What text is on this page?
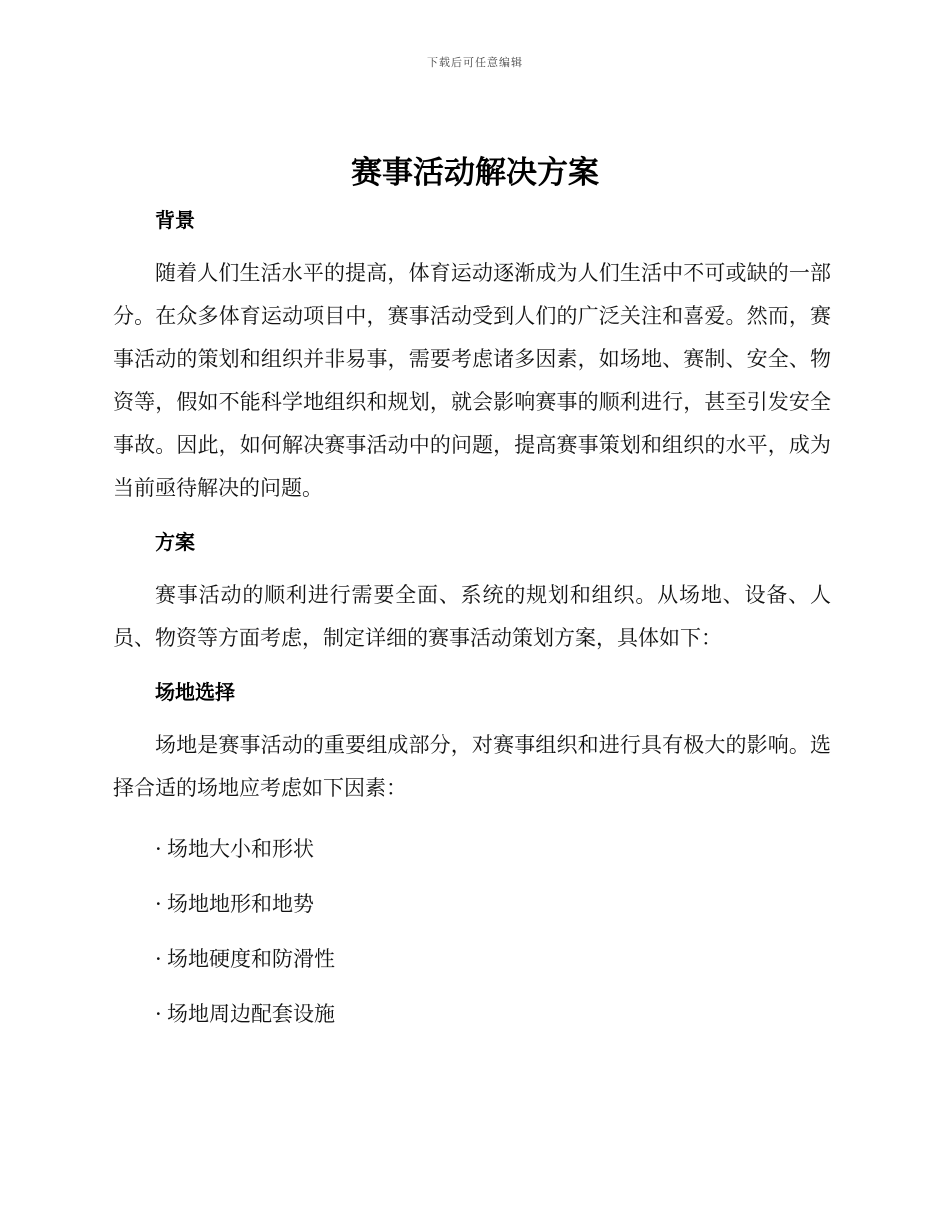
下载后可任意编辑
赛事活动解决方案

背景

随着人们生活水平的提高，体育运动逐渐成为人们生活中不可或缺的一部分。在众多体育运动项目中，赛事活动受到人们的广泛关注和喜爱。然而，赛事活动的策划和组织并非易事，需要考虑诸多因素，如场地、赛制、安全、物资等，假如不能科学地组织和规划，就会影响赛事的顺利进行，甚至引发安全事故。因此，如何解决赛事活动中的问题，提高赛事策划和组织的水平，成为当前亟待解决的问题。

方案

赛事活动的顺利进行需要全面、系统的规划和组织。从场地、设备、人员、物资等方面考虑，制定详细的赛事活动策划方案，具体如下：

场地选择

场地是赛事活动的重要组成部分，对赛事组织和进行具有极大的影响。选择合适的场地应考虑如下因素：

· 场地大小和形状

· 场地地形和地势

· 场地硬度和防滑性

· 场地周边配套设施
